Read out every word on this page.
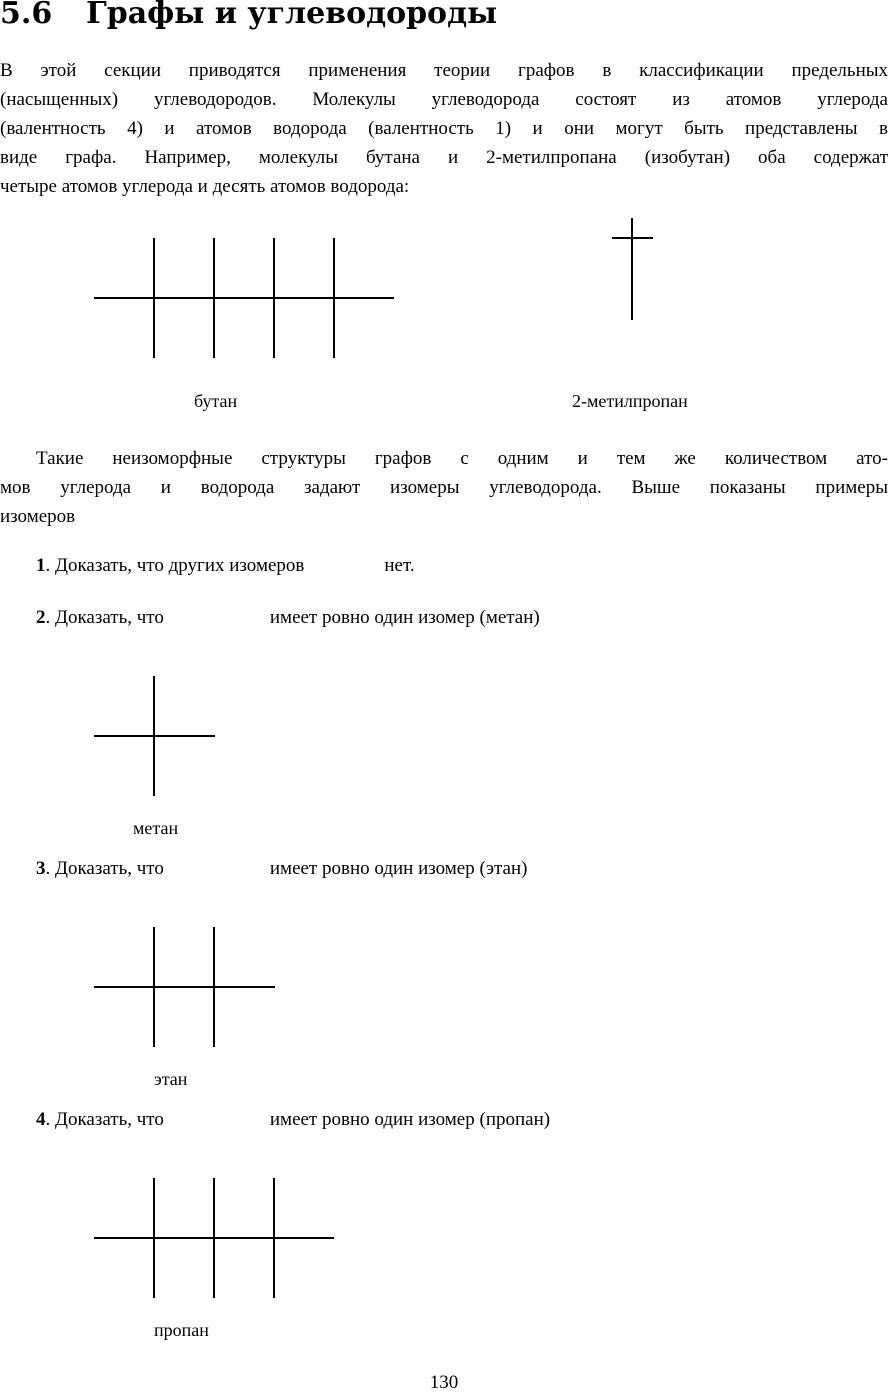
5.6 Графы и углеводороды
В этой секции приводятся применения теории графов в классификации предельных
(насыщенных) углеводородов. Молекулы углеводорода состоят из атомов углерода
(валентность 4) и атомов водорода (валентность 1) и они могут быть представлены в
виде графа. Например, молекулы бутана и 2-метилпропана (изобутан) оба содержат
четыре атомов углерода и десять атомов водорода:
бутан	2-метилпропан
Такие неизоморфные структуры графов с одним и тем же количеством ато-
мов углерода и водорода задают изомеры углеводорода. Выше показаны примеры
изомеров
1. Доказать, что других изомеров	нет.
2. Доказать, что	имеет ровно один изомер (метан)
метан
3. Доказать, что	имеет ровно один изомер (этан)
этан
4. Доказать, что	имеет ровно один изомер (пропан)
пропан
130
